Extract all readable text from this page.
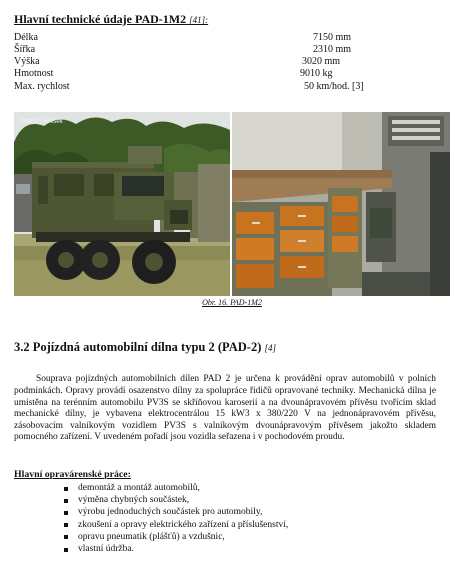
Hlavní technické údaje PAD-1M2 [41]:
Délka	7150 mm
Šířka	2310 mm
Výška	3020 mm
Hmotnost	9010 kg
Max. rychlost	50 km/hod. [3]
©Martin Smíšek
Obr. 16. PAD-1M2
3.2 Pojízdná automobilní dílna typu 2 (PAD-2) [4]

Souprava pojízdných automobilních dílen PAD 2 je určena k provádění oprav automobilů v polních podmínkách. Opravy provádí osazenstvo dílny za spolupráce řidičů opravované techniky. Mechanická dílna je umístěna na terénním automobilu PV3S se skříňovou karoserií a na dvounápravovém přívěsu tvořícím sklad mechanické dílny, je vybavena elektrocentrálou 15 kW3 x 380/220 V na jednonápravovém přívěsu, zásobovacím valníkovým vozidlem PV3S s valníkovým dvounápravovým přívěsem jakožto skladem pomocného zařízení. V uvedeném pořadí jsou vozidla seřazena i v pochodovém proudu.

Hlavní opravárenské práce:
demontáž a montáž automobilů,
výměna chybných součástek,
výrobu jednoduchých součástek pro automobily,
zkoušení a opravy elektrického zařízení a příslušenství,
opravu pneumatik (plášťů) a vzdušnic,
vlastní údržba.
